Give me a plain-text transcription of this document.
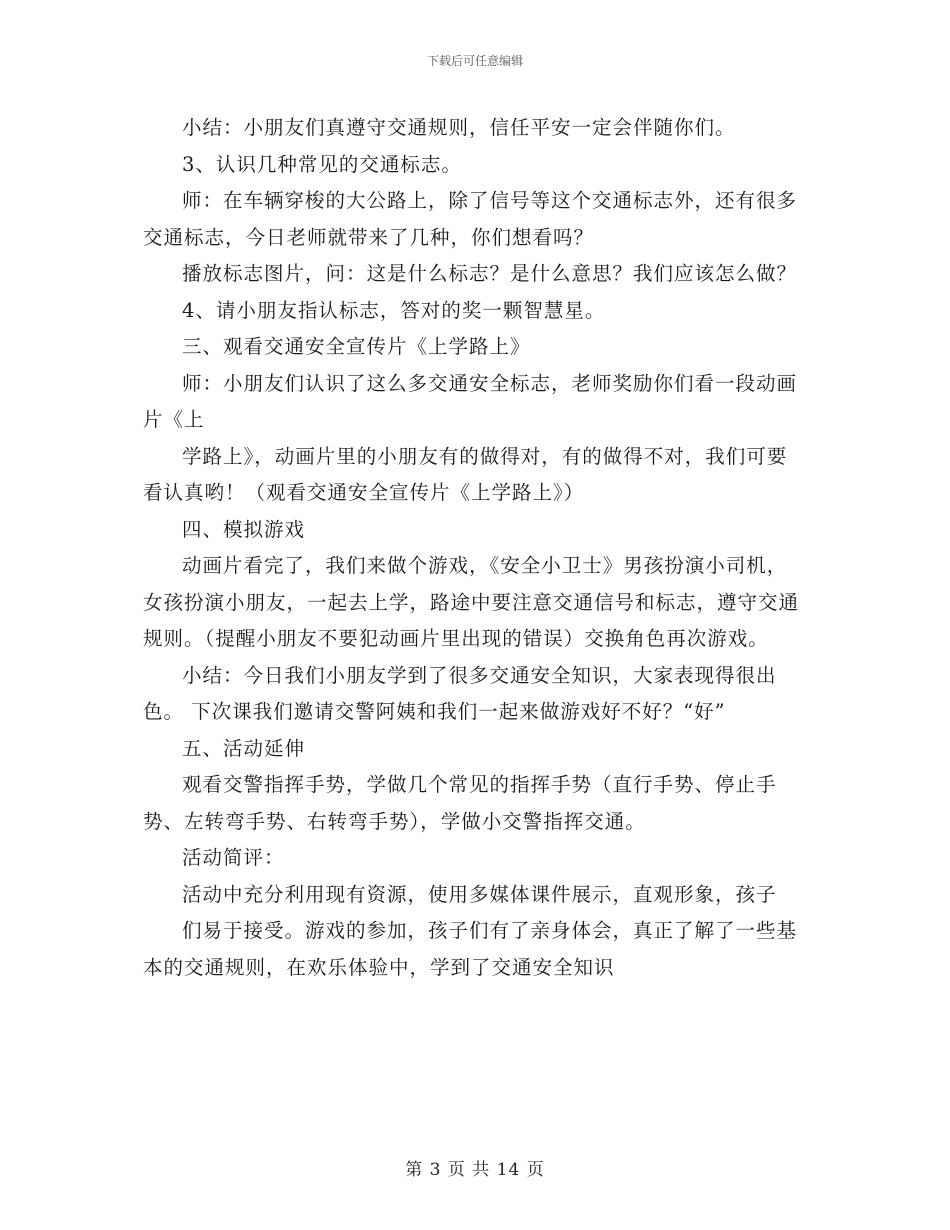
下载后可任意编辑

小结：小朋友们真遵守交通规则，信任平安一定会伴随你们。

3、认识几种常见的交通标志。

师：在车辆穿梭的大公路上，除了信号等这个交通标志外，还有很多交通标志，今日老师就带来了几种，你们想看吗？

播放标志图片，问：这是什么标志？是什么意思？我们应该怎么做？

4、请小朋友指认标志，答对的奖一颗智慧星。

三、观看交通安全宣传片《上学路上》

师：小朋友们认识了这么多交通安全标志，老师奖励你们看一段动画片《上

学路上》，动画片里的小朋友有的做得对，有的做得不对，我们可要看认真哟！（观看交通安全宣传片《上学路上》）

四、模拟游戏

动画片看完了，我们来做个游戏，《安全小卫士》男孩扮演小司机，女孩扮演小朋友，一起去上学，路途中要注意交通信号和标志，遵守交通规则。（提醒小朋友不要犯动画片里出现的错误）交换角色再次游戏。

小结：今日我们小朋友学到了很多交通安全知识，大家表现得很出色。 下次课我们邀请交警阿姨和我们一起来做游戏好不好？“好”

五、活动延伸

观看交警指挥手势，学做几个常见的指挥手势（直行手势、停止手势、左转弯手势、右转弯手势），学做小交警指挥交通。

活动简评：

活动中充分利用现有资源，使用多媒体课件展示，直观形象，孩子

们易于接受。游戏的参加，孩子们有了亲身体会，真正了解了一些基本的交通规则，在欢乐体验中，学到了交通安全知识

第 3 页 共 14 页
